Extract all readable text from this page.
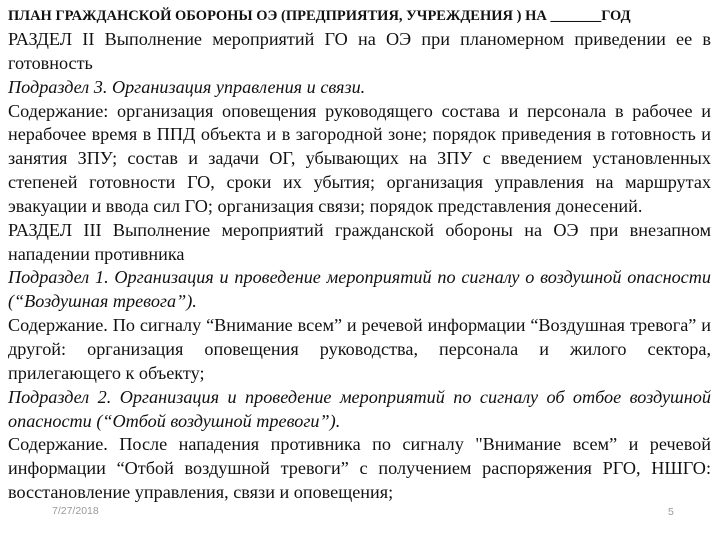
ПЛАН ГРАЖДАНСКОЙ ОБОРОНЫ ОЭ (ПРЕДПРИЯТИЯ, УЧРЕЖДЕНИЯ ) НА _______ГОД

РАЗДЕЛ II Выполнение мероприятий ГО на ОЭ при планомерном приведении ее в готовность

Подраздел 3. Организация управления и связи.

Содержание: организация оповещения руководящего состава и персонала в рабочее и нерабочее время в ППД объекта и в загородной зоне; порядок приведения в готовность и занятия ЗПУ; состав и задачи ОГ, убывающих на ЗПУ с введением установленных степеней готовности ГО, сроки их убытия; организация управления на маршрутах эвакуации и ввода сил ГО; организация связи; порядок представления донесений.

РАЗДЕЛ III Выполнение мероприятий гражданской обороны на ОЭ при внезапном нападении противника

Подраздел 1. Организация и проведение мероприятий по сигналу о воздушной опасности (“Воздушная тревога”).

Содержание. По сигналу “Внимание всем” и речевой информации “Воздушная тревога” и другой: организация оповещения руководства, персонала и жилого сектора, прилегающего к объекту;

Подраздел 2. Организация и проведение мероприятий по сигналу об отбое воздушной опасности (“Отбой воздушной тревоги”).

Содержание. После нападения противника по сигналу "Внимание всем” и речевой информации “Отбой воздушной тревоги” с получением распоряжения РГО, НШГО: восстановление управления, связи и оповещения;

7/27/2018	5
